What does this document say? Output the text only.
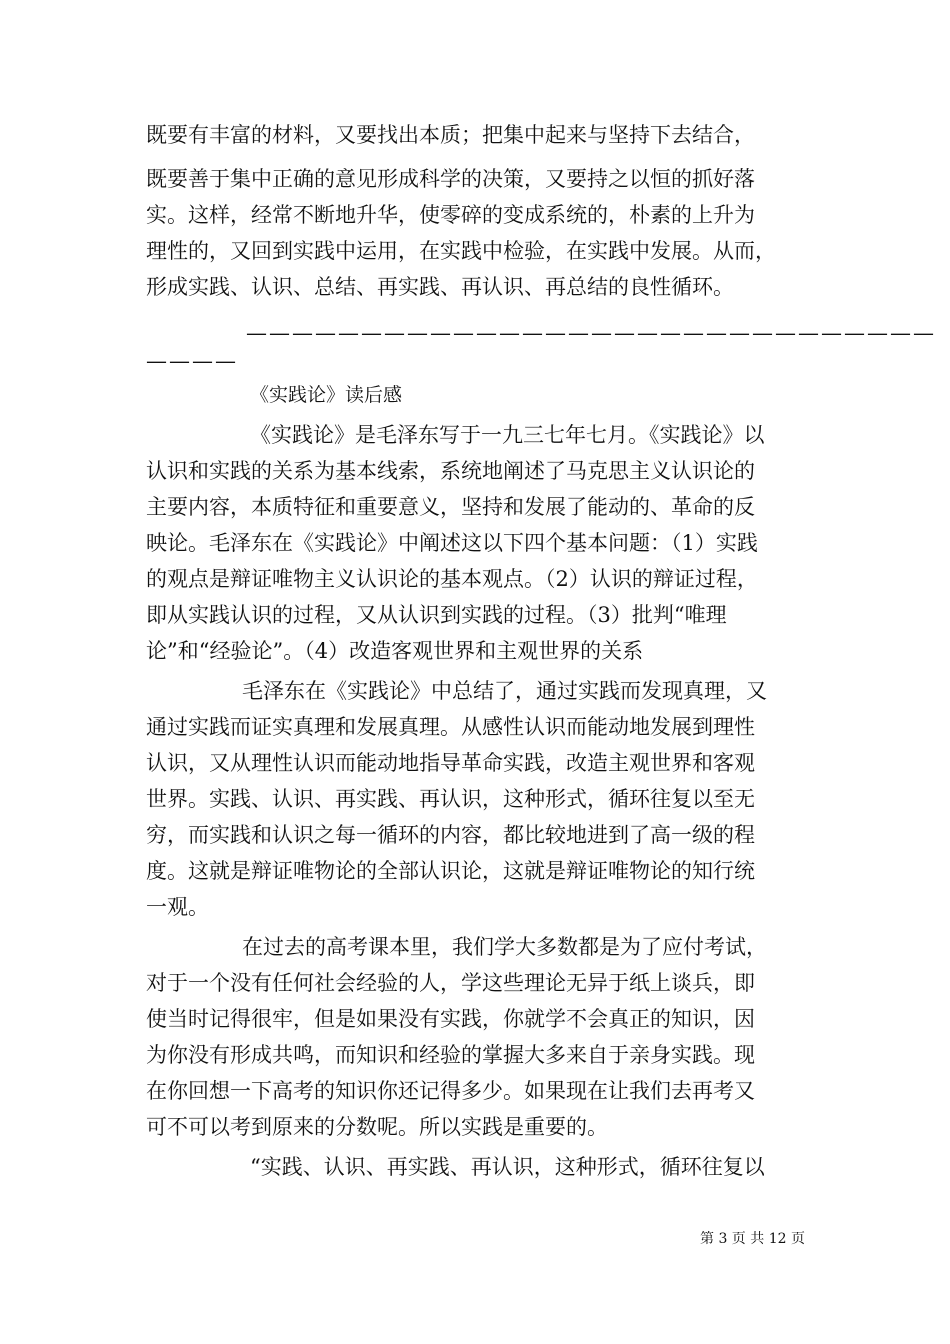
既要有丰富的材料，又要找出本质；把集中起来与坚持下去结合，
既要善于集中正确的意见形成科学的决策，又要持之以恒的抓好落
实。这样，经常不断地升华，使零碎的变成系统的，朴素的上升为
理性的，又回到实践中运用，在实践中检验，在实践中发展。从而，
形成实践、认识、总结、再实践、再认识、再总结的良性循环。
——————————————————————————————
————
《实践论》读后感
《实践论》是毛泽东写于一九三七年七月。《实践论》以
认识和实践的关系为基本线索，系统地阐述了马克思主义认识论的
主要内容，本质特征和重要意义，坚持和发展了能动的、革命的反
映论。毛泽东在《实践论》中阐述这以下四个基本问题：（1）实践
的观点是辩证唯物主义认识论的基本观点。（2）认识的辩证过程，
即从实践认识的过程，又从认识到实践的过程。（3）批判“唯理
论”和“经验论”。（4）改造客观世界和主观世界的关系
毛泽东在《实践论》中总结了，通过实践而发现真理，又
通过实践而证实真理和发展真理。从感性认识而能动地发展到理性
认识，又从理性认识而能动地指导革命实践，改造主观世界和客观
世界。实践、认识、再实践、再认识，这种形式，循环往复以至无
穷，而实践和认识之每一循环的内容，都比较地进到了高一级的程
度。这就是辩证唯物论的全部认识论，这就是辩证唯物论的知行统
一观。
在过去的高考课本里，我们学大多数都是为了应付考试，
对于一个没有任何社会经验的人，学这些理论无异于纸上谈兵，即
使当时记得很牢，但是如果没有实践，你就学不会真正的知识，因
为你没有形成共鸣，而知识和经验的掌握大多来自于亲身实践。现
在你回想一下高考的知识你还记得多少。如果现在让我们去再考又
可不可以考到原来的分数呢。所以实践是重要的。
“实践、认识、再实践、再认识，这种形式，循环往复以
第 3 页 共 12 页
